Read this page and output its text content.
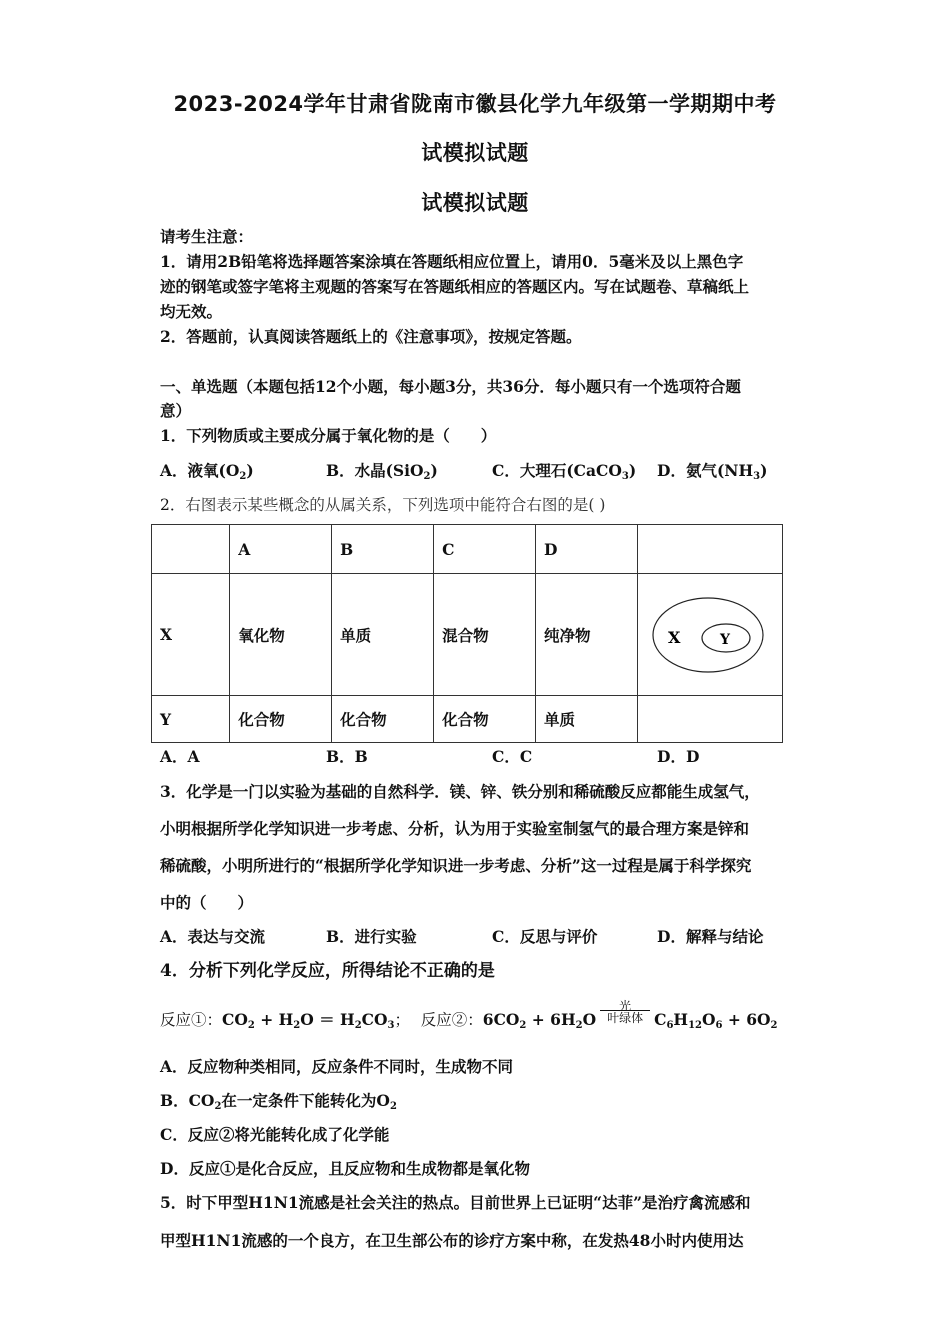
2023-2024学年甘肃省陇南市徽县化学九年级第一学期期中考
试模拟试题
试模拟试题
请考生注意：
1．请用2B铅笔将选择题答案涂填在答题纸相应位置上，请用0．5毫米及以上黑色字
迹的钢笔或签字笔将主观题的答案写在答题纸相应的答题区内。写在试题卷、草稿纸上
均无效。
2．答题前，认真阅读答题纸上的《注意事项》，按规定答题。
一、单选题（本题包括12个小题，每小题3分，共36分．每小题只有一个选项符合题
意）
1．下列物质或主要成分属于氧化物的是（　　）
A．液氧$(O_2)$	B．水晶(SiO$_2$)	C．大理石(CaCO$_3$) D．氨气$(NH_3)$
2．右图表示某些概念的从属关系，下列选项中能符合右图的是( )
	A	B	C	D	
X	氧化物	单质	混合物	纯净物	X Y

Y	化合物	化合物	化合物	单质	
A．A	B．B	C．C	D．D
3．化学是一门以实验为基础的自然科学．镁、锌、铁分别和稀硫酸反应都能生成氢气，
小明根据所学化学知识进一步考虑、分析，认为用于实验室制氢气的最合理方案是锌和
稀硫酸，小明所进行的“根据所学化学知识进一步考虑、分析”这一过程是属于科学探究
中的（　　）
A．表达与交流	B．进行实验	C．反思与评价	D．解释与结论
4．分析下列化学反应，所得结论不正确的是
反应①：$CO_2 + H_2O = H_2CO_3$； 反应②：$6CO_2 + 6H_2O$
光
叶绿体 $C_6H_{12}O_6 + 6O_2$
A．反应物种类相同，反应条件不同时，生成物不同
B．$CO_2$在一定条件下能转化为$O_2$
C．反应②将光能转化成了化学能
D．反应①是化合反应，且反应物和生成物都是氧化物
5．时下甲型H1N1流感是社会关注的热点。目前世界上已证明“达菲”是治疗禽流感和
甲型H1N1流感的一个良方，在卫生部公布的诊疗方案中称，在发热48小时内使用达
